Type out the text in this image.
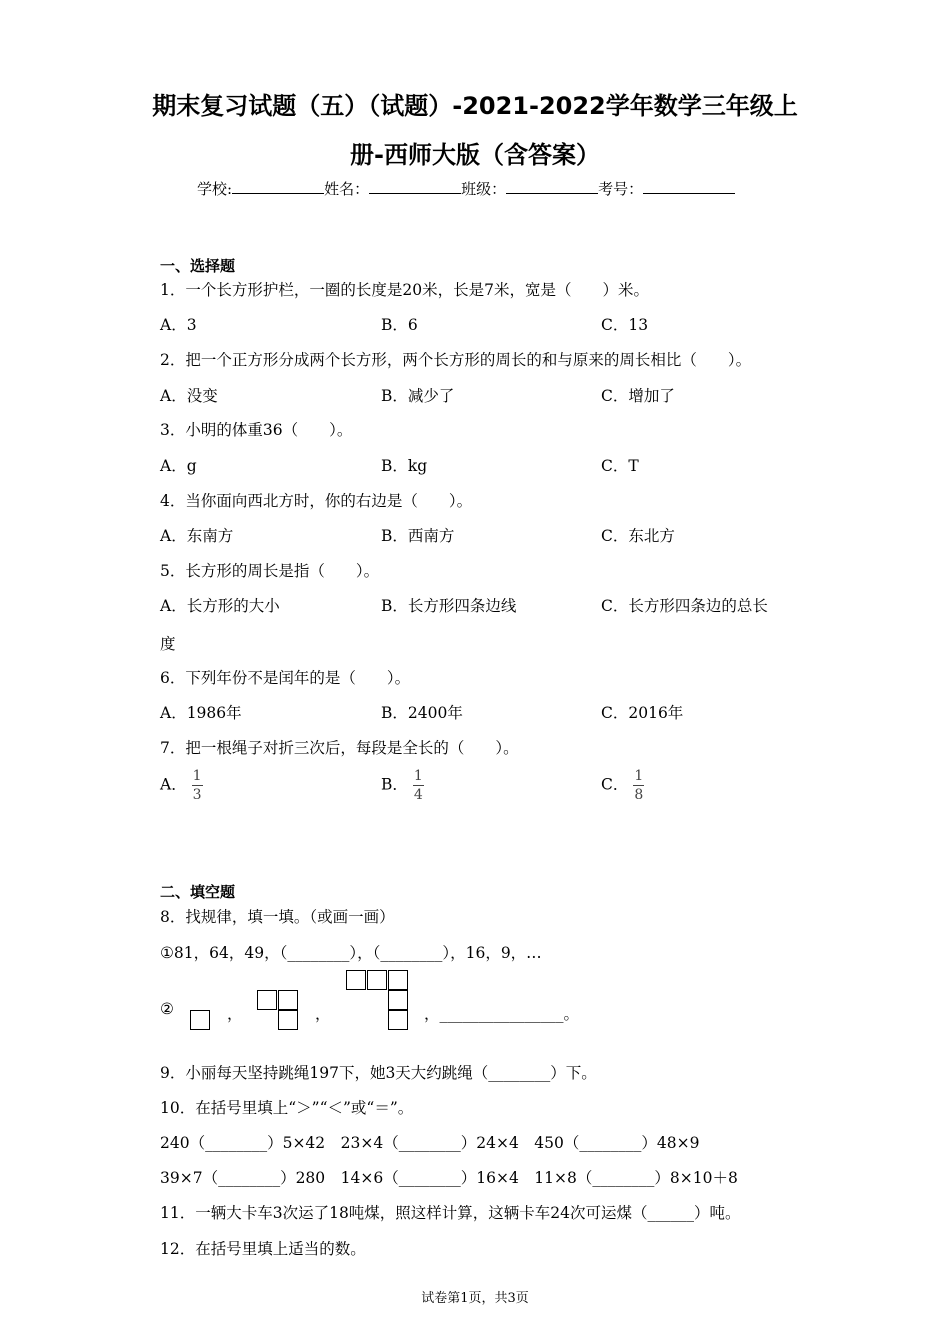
期末复习试题（五）（试题）-2021-2022学年数学三年级上
册-西师大版（含答案）
学校:	姓名：	班级：	考号：
一、选择题
1．一个长方形护栏，一圈的长度是20米，长是7米，宽是（　　）米。
A．3	B．6	C．13
2．把一个正方形分成两个长方形，两个长方形的周长的和与原来的周长相比（　　）。
A．没变	B．减少了	C．增加了
3．小明的体重36（　　）。
A．g	B．kg	C．T
4．当你面向西北方时，你的右边是（　　）。
A．东南方	B．西南方	C．东北方
5．长方形的周长是指（　　）。
A．长方形的大小	B．长方形四条边线	C．长方形四条边的总长
度
6．下列年份不是闰年的是（　　）。
A．1986年	B．2400年	C．2016年
7．把一根绳子对折三次后，每段是全长的（　　）。
A． $\frac{1}{3}$	B． $\frac{1}{4}$	C． $\frac{1}{8}$
二、填空题
8．找规律，填一填。（或画一画）
①81，64，49，（________），（________），16，9，…
②	，	，	，________________。
9．小丽每天坚持跳绳197下，她3天大约跳绳（________）下。
10．在括号里填上“＞”“＜”或“＝”。
240（________）5×42　23×4（________）24×4　450（________）48×9
39×7（________）280　14×6（________）16×4　11×8（________）8×10＋8
11．一辆大卡车3次运了18吨煤，照这样计算，这辆卡车24次可运煤（______）吨。
12．在括号里填上适当的数。
试卷第1页，共3页
